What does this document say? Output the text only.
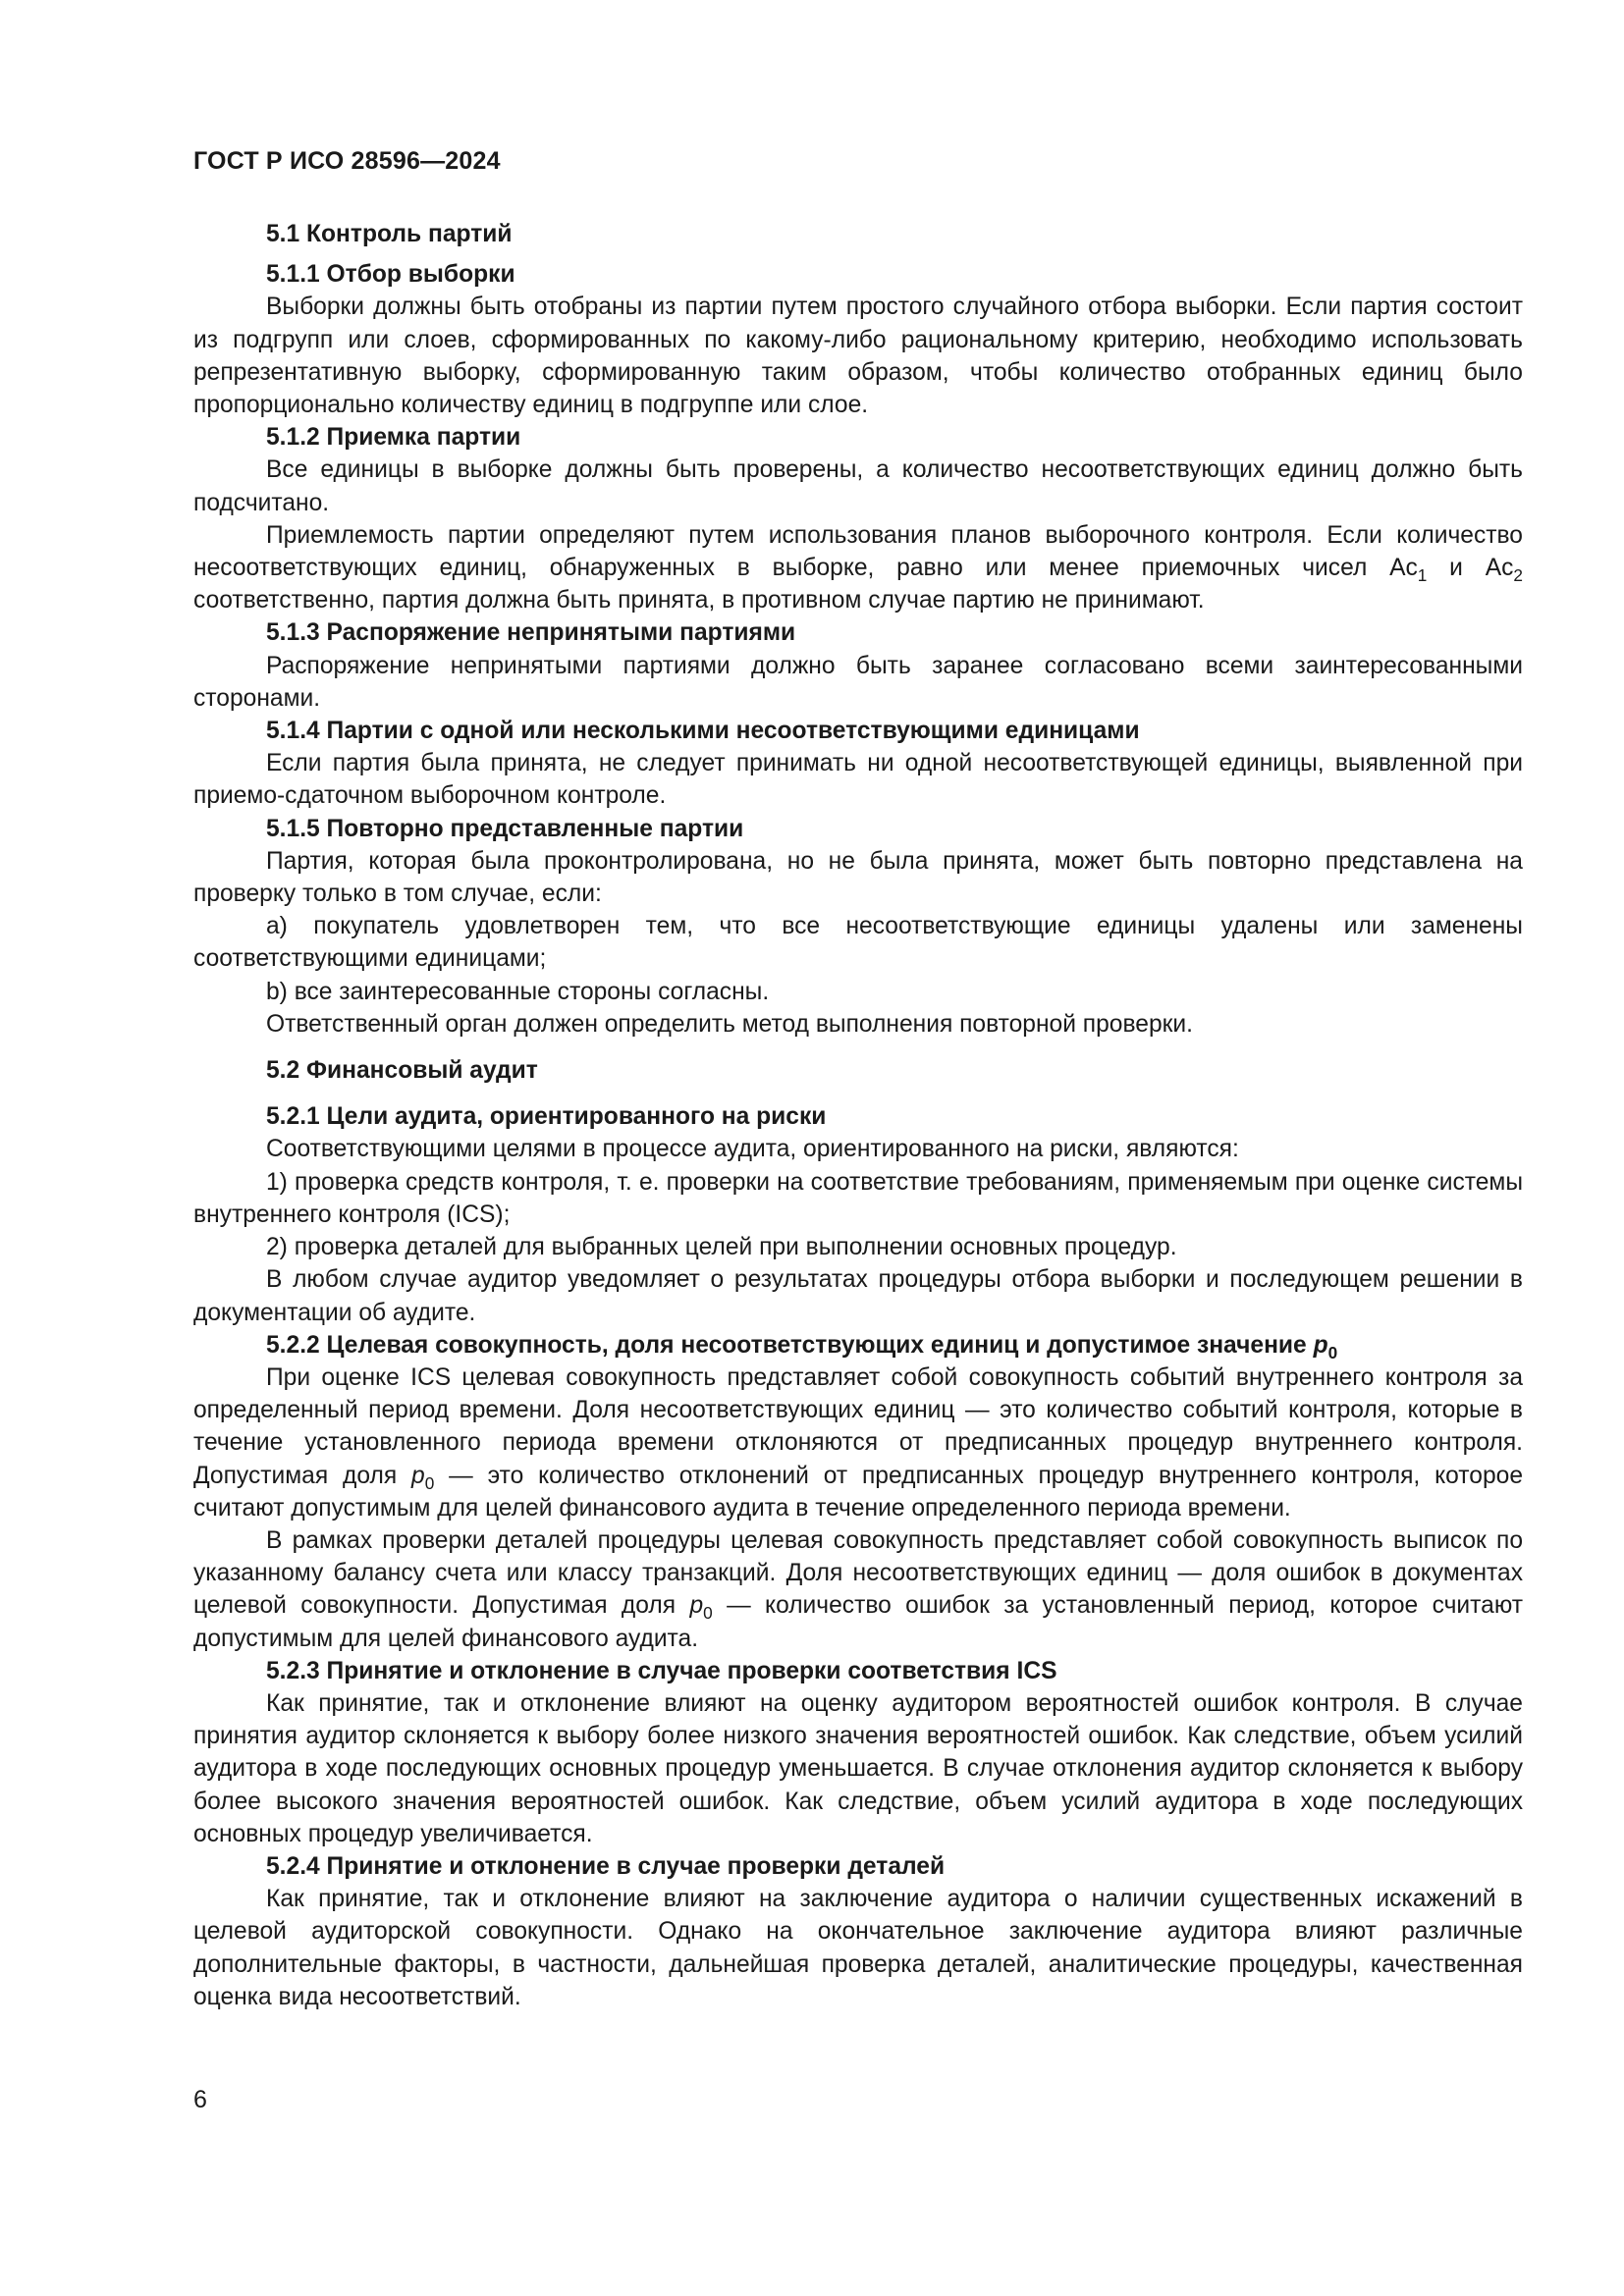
ГОСТ Р ИСО 28596—2024

5.1 Контроль партий

5.1.1 Отбор выборки

Выборки должны быть отобраны из партии путем простого случайного отбора выборки. Если партия состоит из подгрупп или слоев, сформированных по какому-либо рациональному критерию, необходимо использовать репрезентативную выборку, сформированную таким образом, чтобы количество отобранных единиц было пропорционально количеству единиц в подгруппе или слое.

5.1.2 Приемка партии

Все единицы в выборке должны быть проверены, а количество несоответствующих единиц должно быть подсчитано.

Приемлемость партии определяют путем использования планов выборочного контроля. Если количество несоответствующих единиц, обнаруженных в выборке, равно или менее приемочных чисел $Ac_1$ и $Ac_2$ соответственно, партия должна быть принята, в противном случае партию не принимают.

5.1.3 Распоряжение непринятыми партиями

Распоряжение непринятыми партиями должно быть заранее согласовано всеми заинтересованными сторонами.

5.1.4 Партии с одной или несколькими несоответствующими единицами

Если партия была принята, не следует принимать ни одной несоответствующей единицы, выявленной при приемо-сдаточном выборочном контроле.

5.1.5 Повторно представленные партии

Партия, которая была проконтролирована, но не была принята, может быть повторно представлена на проверку только в том случае, если:

a) покупатель удовлетворен тем, что все несоответствующие единицы удалены или заменены соответствующими единицами;

b) все заинтересованные стороны согласны.

Ответственный орган должен определить метод выполнения повторной проверки.

5.2 Финансовый аудит

5.2.1 Цели аудита, ориентированного на риски

Соответствующими целями в процессе аудита, ориентированного на риски, являются:

1) проверка средств контроля, т. е. проверки на соответствие требованиям, применяемым при оценке системы внутреннего контроля (ICS);

2) проверка деталей для выбранных целей при выполнении основных процедур.

В любом случае аудитор уведомляет о результатах процедуры отбора выборки и последующем решении в документации об аудите.

5.2.2 Целевая совокупность, доля несоответствующих единиц и допустимое значение $p_0$

При оценке ICS целевая совокупность представляет собой совокупность событий внутреннего контроля за определенный период времени. Доля несоответствующих единиц — это количество событий контроля, которые в течение установленного периода времени отклоняются от предписанных процедур внутреннего контроля. Допустимая доля $p_0$ — это количество отклонений от предписанных процедур внутреннего контроля, которое считают допустимым для целей финансового аудита в течение определенного периода времени.

В рамках проверки деталей процедуры целевая совокупность представляет собой совокупность выписок по указанному балансу счета или классу транзакций. Доля несоответствующих единиц — доля ошибок в документах целевой совокупности. Допустимая доля $p_0$ — количество ошибок за установленный период, которое считают допустимым для целей финансового аудита.

5.2.3 Принятие и отклонение в случае проверки соответствия ICS

Как принятие, так и отклонение влияют на оценку аудитором вероятностей ошибок контроля. В случае принятия аудитор склоняется к выбору более низкого значения вероятностей ошибок. Как следствие, объем усилий аудитора в ходе последующих основных процедур уменьшается. В случае отклонения аудитор склоняется к выбору более высокого значения вероятностей ошибок. Как следствие, объем усилий аудитора в ходе последующих основных процедур увеличивается.

5.2.4 Принятие и отклонение в случае проверки деталей

Как принятие, так и отклонение влияют на заключение аудитора о наличии существенных искажений в целевой аудиторской совокупности. Однако на окончательное заключение аудитора влияют различные дополнительные факторы, в частности, дальнейшая проверка деталей, аналитические процедуры, качественная оценка вида несоответствий.

6
